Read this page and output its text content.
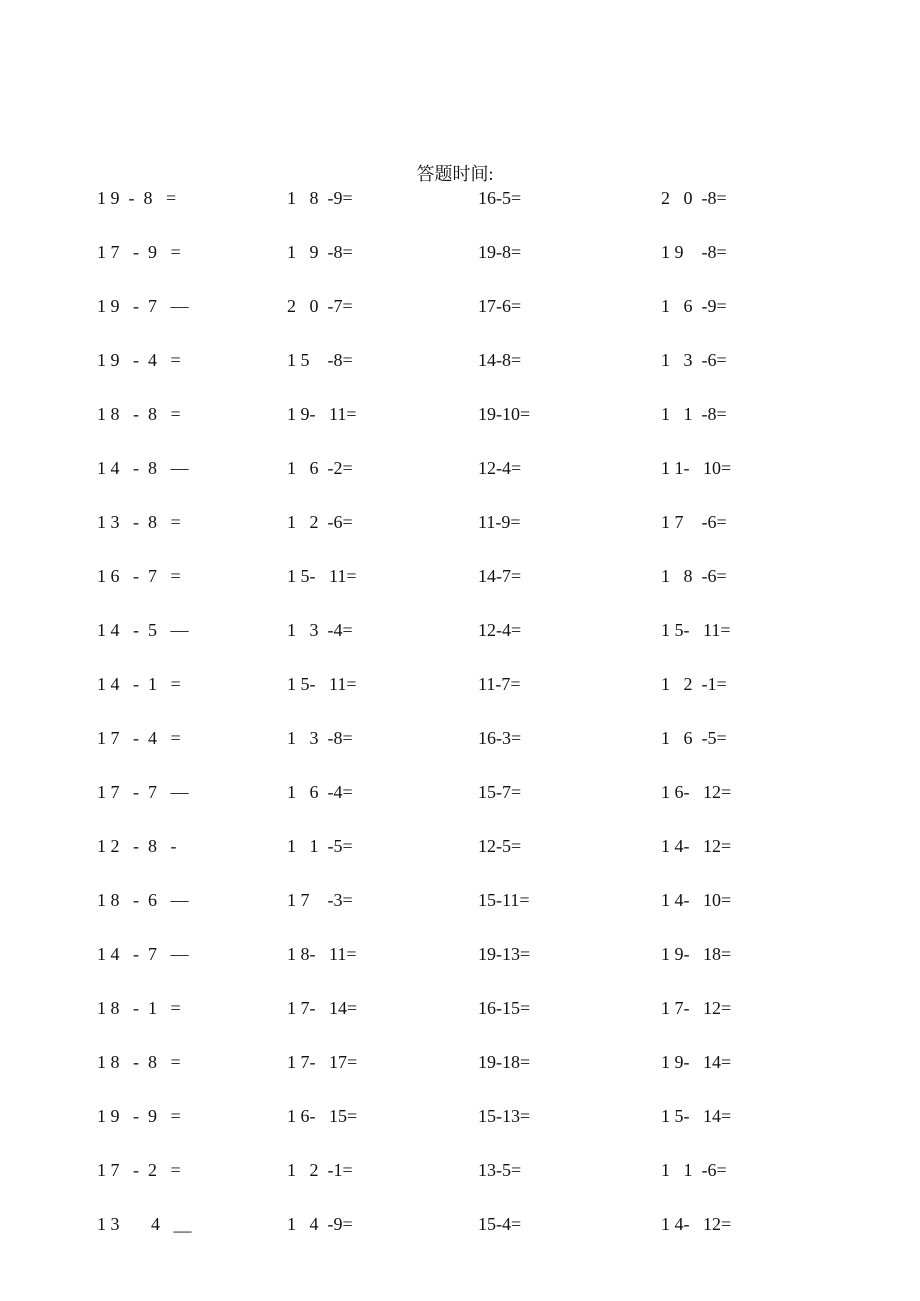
答题时间:
1 9  -  8   =	1   8  -9=	16-5=	2   0  -8=
1 7   -  9   =	1   9  -8=	19-8=	1 9    -8=
1 9   -  7   —	2   0  -7=	17-6=	1   6  -9=
1 9   -  4   =	1 5    -8=	14-8=	1   3  -6=
1 8   -  8   =	1 9-   11=	19-10=	1   1  -8=
1 4   -  8   —	1   6  -2=	12-4=	1 1-   10=
1 3   -  8   =	1   2  -6=	11-9=	1 7    -6=
1 6   -  7   =	1 5-   11=	14-7=	1   8  -6=
1 4   -  5   —	1   3  -4=	12-4=	1 5-   11=
1 4   -  1   =	1 5-   11=	11-7=	1   2  -1=
1 7   -  4   =	1   3  -8=	16-3=	1   6  -5=
1 7   -  7   —	1   6  -4=	15-7=	1 6-   12=
1 2   -  8   -	1   1  -5=	12-5=	1 4-   12=
1 8   -  6   —	1 7    -3=	15-11=	1 4-   10=
1 4   -  7   —	1 8-   11=	19-13=	1 9-   18=
1 8   -  1   =	1 7-   14=	16-15=	1 7-   12=
1 8   -  8   =	1 7-   17=	19-18=	1 9-   14=
1 9   -  9   =	1 6-   15=	15-13=	1 5-   14=
1 7   -  2   =	1   2  -1=	13-5=	1   1  -6=
1 3       4   __	1   4  -9=	15-4=	1 4-   12=
